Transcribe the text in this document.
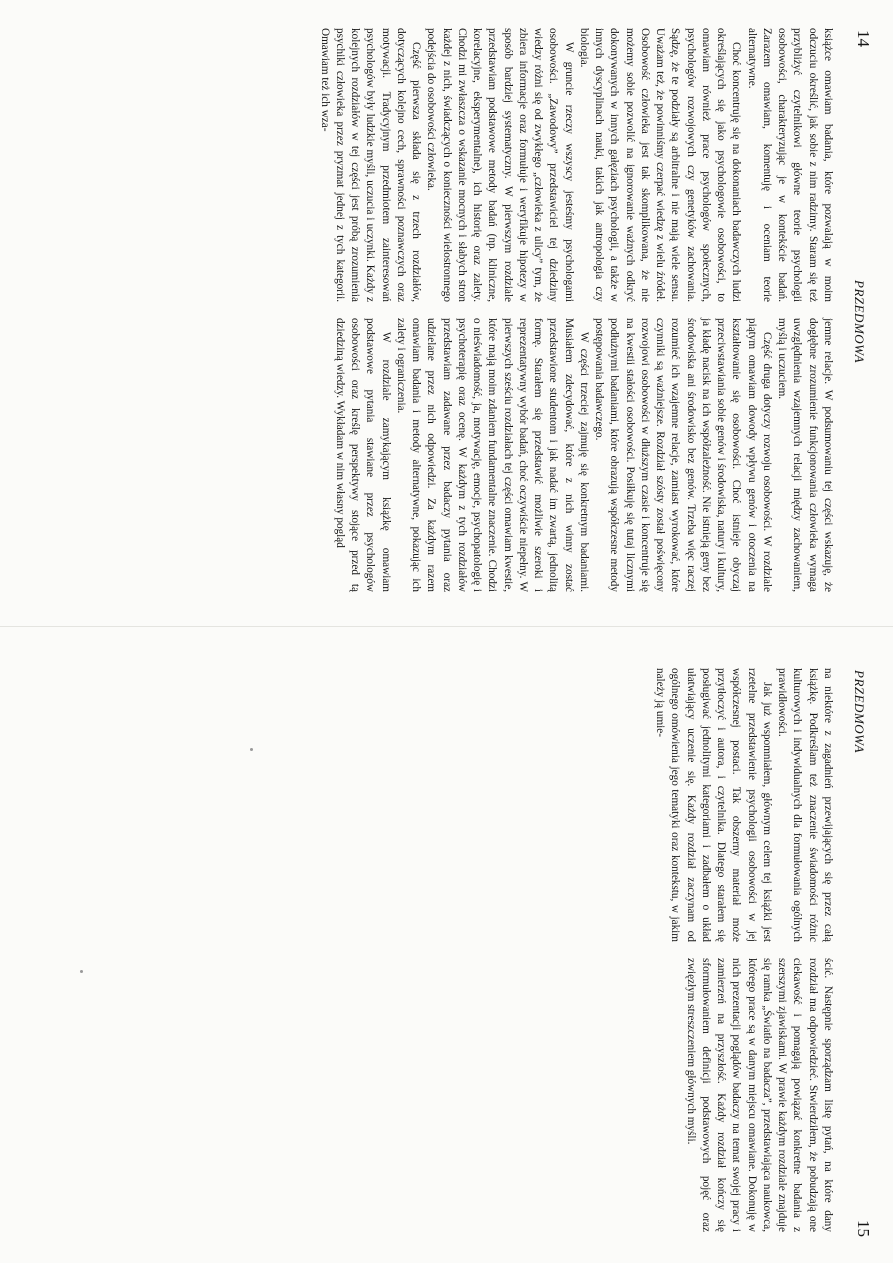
14
PRZEDMOWA

książce omawiam badania, które pozwalają w moim odczuciu określić, jak sobie z nim radzimy. Staram się też przybliżyć czytelnikowi główne teorie psychologii osobowości, charakteryzując je w kontekście badań. Zarazem omawiam, komentuję i oceniam teorie alternatywne.

Choć koncentruję się na dokonaniach badawczych ludzi określających się jako psychologowie osobowości, to omawiam również prace psychologów społecznych, psychologów rozwojowych czy genetyków zachowania. Sądzę, że te podziały są arbitralne i nie mają wiele sensu. Uważam też, że powinniśmy czerpać wiedzę z wielu źródeł. Osobowość człowieka jest tak skomplikowana, że nie możemy sobie pozwolić na ignorowanie ważnych odkryć dokonywanych w innych gałęziach psychologii, a także w innych dyscyplinach nauki, takich jak antropologia czy biologia.

W gruncie rzeczy wszyscy jesteśmy psychologami osobowości. „Zawodowy” przedstawiciel tej dziedziny wiedzy różni się od zwykłego „człowieka z ulicy” tym, że zbiera informacje oraz formułuje i weryfikuje hipotezy w sposób bardziej systematyczny. W pierwszym rozdziale przedstawiam podstawowe metody badań (np. kliniczne, korelacyjne, eksperymentalne), ich historię oraz zalety. Chodzi mi zwłaszcza o wskazanie mocnych i słabych stron każdej z nich, świadczących o konieczności wielostronnego podejścia do osobowości człowieka.

Część pierwsza składa się z trzech rozdziałów, dotyczących kolejno cech, sprawności poznawczych oraz motywacji. Tradycyjnym przedmiotem zainteresowań psychologów były ludzkie myśli, uczucia i uczynki. Każdy z kolejnych rozdziałów w tej części jest próbą zrozumienia psychiki człowieka przez pryzmat jednej z tych kategorii. Omawiam też ich wza-

jemne relacje. W podsumowaniu tej części wskazuję, że dogłębne zrozumienie funkcjonowania człowieka wymaga uwzględnienia wzajemnych relacji między zachowaniem, myślą i uczuciem.

Część druga dotyczy rozwoju osobowości. W rozdziale piątym omawiam dowody wpływu genów i otoczenia na kształtowanie się osobowości. Choć istnieje obyczaj przeciwstawiania sobie genów i środowiska, natury i kultury, ja kładę nacisk na ich współzależność. Nie istnieją geny bez środowiska ani środowisko bez genów. Trzeba więc raczej rozumieć ich wzajemne relacje, zamiast wyrokować, które czynniki są ważniejsze. Rozdział szósty został poświęcony rozwojowi osobowości w dłuższym czasie i koncentruje się na kwestii stałości osobowości. Posiłkuję się tutaj licznymi podłużnymi badaniami, które obrazują współczesne metody postępowania badawczego.

W części trzeciej zajmuję się konkretnym badaniami. Musiałem zdecydować, które z nich winny zostać przedstawione studentom i jak nadać im zwartą, jednolitą formę. Starałem się przedstawić możliwie szeroki i reprezentatywny wybór badań, choć oczywiście niepełny. W pierwszych sześciu rozdziałach tej części omawiam kwestie, które mają moim zdaniem fundamentalne znaczenie. Chodzi o nieświadomość, ja, motywację, emocje, psychopatologię i psychoterapię oraz ocenę. W każdym z tych rozdziałów przedstawiam zadawane przez badaczy pytania oraz udzielane przez nich odpowiedzi. Za każdym razem omawiam badania i metody alternatywne, pokazując ich zalety i ograniczenia.

W rozdziale zamykającym książkę omawiam podstawowe pytania stawiane przez psychologów osobowości oraz kreślę perspektywy stojące przed tą dziedziną wiedzy. Wykładam w nim własny pogląd

PRZEDMOWA
15

na niektóre z zagadnień przewijających się przez całą książkę. Podkreślam też znaczenie świadomości różnic kulturowych i indywidualnych dla formułowania ogólnych prawidłowości.

Jak już wspomniałem, głównym celem tej książki jest rzetelne przedstawienie psychologii osobowości w jej współczesnej postaci. Tak obszerny materiał może przytłoczyć i autora, i czytelnika. Dlatego starałem się posługiwać jednolitymi kategoriami i zadbałem o układ ułatwiający uczenie się. Każdy rozdział zaczynam od ogólnego omówienia jego tematyki oraz kontekstu, w jakim należy ją umie-

ścić. Następnie sporządzam listę pytań, na które dany rozdział ma odpowiedzieć. Stwierdziłem, że pobudzają one ciekawość i pomagają powiązać konkretne badania z szerszymi zjawiskami. W prawie każdym rozdziale znajduje się ramka „Światło na badacza”, przedstawiająca naukowca, którego prace są w danym miejscu omawiane. Dokonuję w nich prezentacji poglądów badaczy na temat swojej pracy i zamierzeń na przyszłość. Każdy rozdział kończy się sformułowaniem definicji podstawowych pojęć oraz zwięzłym streszczeniem głównych myśli.
